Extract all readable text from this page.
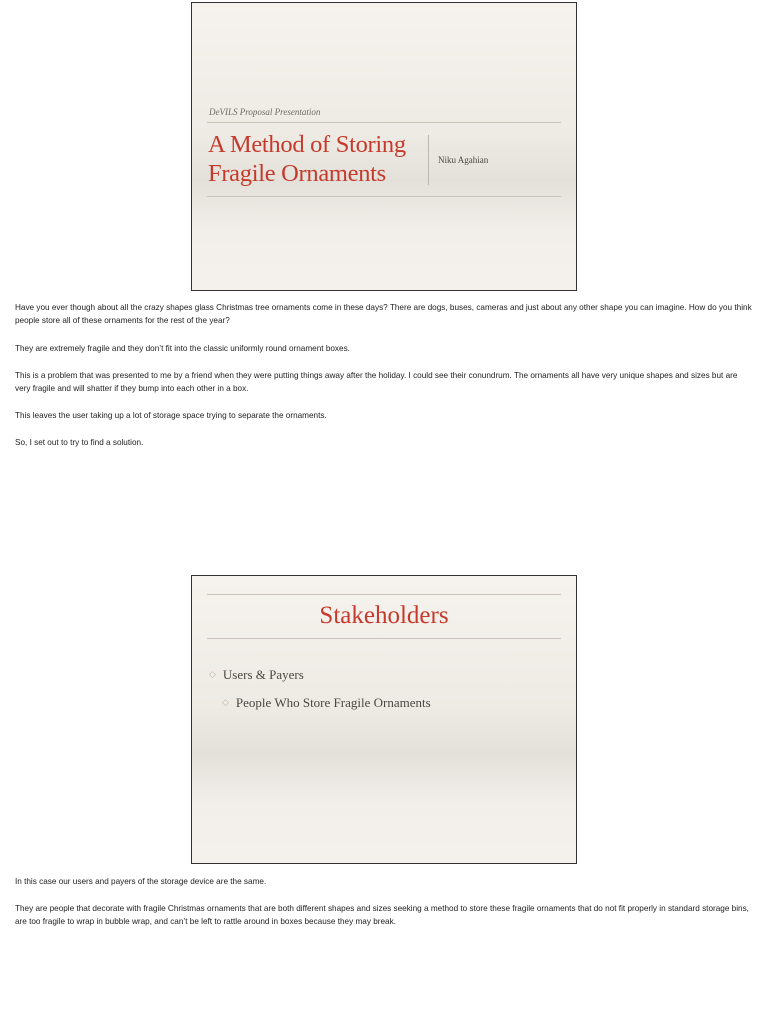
DeVILS Proposal Presentation
A Method of Storing
Fragile Ornaments	Niku Agahian

Have you ever though about all the crazy shapes glass Christmas tree ornaments come in these days? There are dogs, buses, cameras and just about any other shape you can imagine. How do you think people store all of these ornaments for the rest of the year?

They are extremely fragile and they don’t fit into the classic uniformly round ornament boxes.

This is a problem that was presented to me by a friend when they were putting things away after the holiday. I could see their conundrum. The ornaments all have very unique shapes and sizes but are very fragile and will shatter if they bump into each other in a box.

This leaves the user taking up a lot of storage space trying to separate the ornaments.

So, I set out to try to find a solution.

Stakeholders
◇ Users & Payers
◇ People Who Store Fragile Ornaments

In this case our users and payers of the storage device are the same.

They are people that decorate with fragile Christmas ornaments that are both different shapes and sizes seeking a method to store these fragile ornaments that do not fit properly in standard storage bins, are too fragile to wrap in bubble wrap, and can’t be left to rattle around in boxes because they may break.
